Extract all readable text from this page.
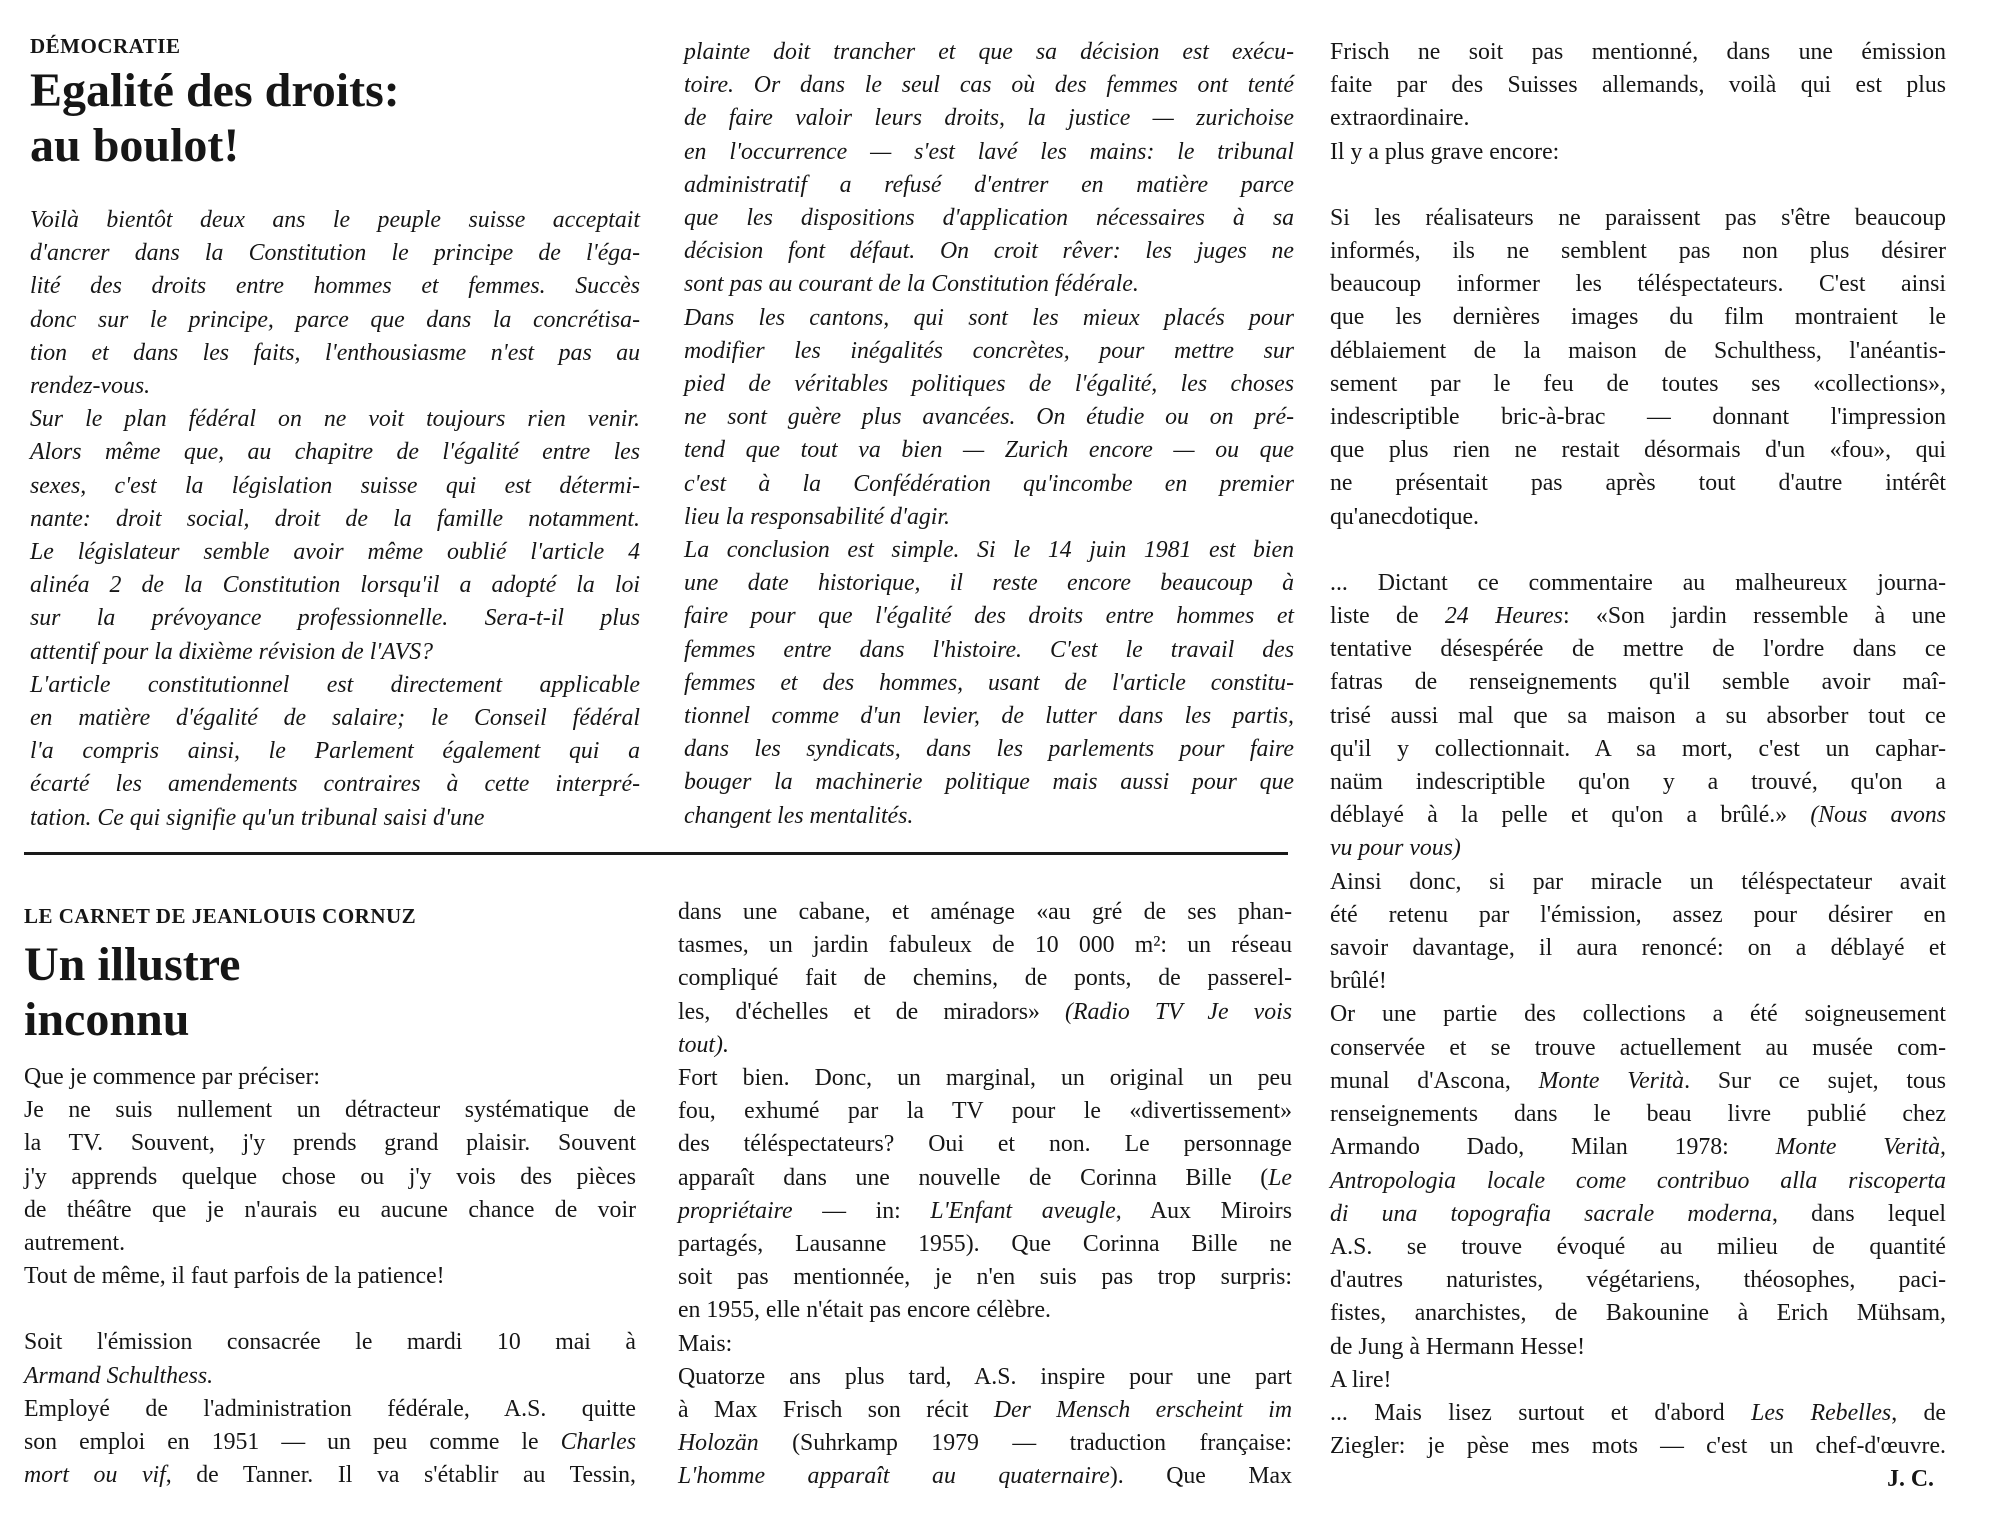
DÉMOCRATIE

Egalité des droits:
au boulot!

Voilà bientôt deux ans le peuple suisse acceptait

d'ancrer dans la Constitution le principe de l'éga-

lité des droits entre hommes et femmes. Succès

donc sur le principe, parce que dans la concrétisa-

tion et dans les faits, l'enthousiasme n'est pas au

rendez-vous.

Sur le plan fédéral on ne voit toujours rien venir.

Alors même que, au chapitre de l'égalité entre les

sexes, c'est la législation suisse qui est détermi-

nante: droit social, droit de la famille notamment.

Le législateur semble avoir même oublié l'article 4

alinéa 2 de la Constitution lorsqu'il a adopté la loi

sur la prévoyance professionnelle. Sera-t-il plus

attentif pour la dixième révision de l'AVS?

L'article constitutionnel est directement applicable

en matière d'égalité de salaire; le Conseil fédéral

l'a compris ainsi, le Parlement également qui a

écarté les amendements contraires à cette interpré-

tation. Ce qui signifie qu'un tribunal saisi d'une

plainte doit trancher et que sa décision est exécu-

toire. Or dans le seul cas où des femmes ont tenté

de faire valoir leurs droits, la justice — zurichoise

en l'occurrence — s'est lavé les mains: le tribunal

administratif a refusé d'entrer en matière parce

que les dispositions d'application nécessaires à sa

décision font défaut. On croit rêver: les juges ne

sont pas au courant de la Constitution fédérale.

Dans les cantons, qui sont les mieux placés pour

modifier les inégalités concrètes, pour mettre sur

pied de véritables politiques de l'égalité, les choses

ne sont guère plus avancées. On étudie ou on pré-

tend que tout va bien — Zurich encore — ou que

c'est à la Confédération qu'incombe en premier

lieu la responsabilité d'agir.

La conclusion est simple. Si le 14 juin 1981 est bien

une date historique, il reste encore beaucoup à

faire pour que l'égalité des droits entre hommes et

femmes entre dans l'histoire. C'est le travail des

femmes et des hommes, usant de l'article constitu-

tionnel comme d'un levier, de lutter dans les partis,

dans les syndicats, dans les parlements pour faire

bouger la machinerie politique mais aussi pour que

changent les mentalités.

LE CARNET DE JEANLOUIS CORNUZ

Un illustre
inconnu

Que je commence par préciser:

Je ne suis nullement un détracteur systématique de

la TV. Souvent, j'y prends grand plaisir. Souvent

j'y apprends quelque chose ou j'y vois des pièces

de théâtre que je n'aurais eu aucune chance de voir

autrement.

Tout de même, il faut parfois de la patience!

Soit l'émission consacrée le mardi 10 mai à

Armand Schulthess.

Employé de l'administration fédérale, A.S. quitte

son emploi en 1951 — un peu comme le Charles

mort ou vif, de Tanner. Il va s'établir au Tessin,

dans une cabane, et aménage «au gré de ses phan-

tasmes, un jardin fabuleux de 10 000 m²: un réseau

compliqué fait de chemins, de ponts, de passerel-

les, d'échelles et de miradors» (Radio TV Je vois

tout).

Fort bien. Donc, un marginal, un original un peu

fou, exhumé par la TV pour le «divertissement»

des téléspectateurs? Oui et non. Le personnage

apparaît dans une nouvelle de Corinna Bille (Le

propriétaire — in: L'Enfant aveugle, Aux Miroirs

partagés, Lausanne 1955). Que Corinna Bille ne

soit pas mentionnée, je n'en suis pas trop surpris:

en 1955, elle n'était pas encore célèbre.

Mais:

Quatorze ans plus tard, A.S. inspire pour une part

à Max Frisch son récit Der Mensch erscheint im

Holozän (Suhrkamp 1979 — traduction française:

L'homme apparaît au quaternaire). Que Max

Frisch ne soit pas mentionné, dans une émission

faite par des Suisses allemands, voilà qui est plus

extraordinaire.

Il y a plus grave encore:

Si les réalisateurs ne paraissent pas s'être beaucoup

informés, ils ne semblent pas non plus désirer

beaucoup informer les téléspectateurs. C'est ainsi

que les dernières images du film montraient le

déblaiement de la maison de Schulthess, l'anéantis-

sement par le feu de toutes ses «collections»,

indescriptible bric-à-brac — donnant l'impression

que plus rien ne restait désormais d'un «fou», qui

ne présentait pas après tout d'autre intérêt

qu'anecdotique.

... Dictant ce commentaire au malheureux journa-

liste de 24 Heures: «Son jardin ressemble à une

tentative désespérée de mettre de l'ordre dans ce

fatras de renseignements qu'il semble avoir maî-

trisé aussi mal que sa maison a su absorber tout ce

qu'il y collectionnait. A sa mort, c'est un caphar-

naüm indescriptible qu'on y a trouvé, qu'on a

déblayé à la pelle et qu'on a brûlé.» (Nous avons

vu pour vous)

Ainsi donc, si par miracle un téléspectateur avait

été retenu par l'émission, assez pour désirer en

savoir davantage, il aura renoncé: on a déblayé et

brûlé!

Or une partie des collections a été soigneusement

conservée et se trouve actuellement au musée com-

munal d'Ascona, Monte Verità. Sur ce sujet, tous

renseignements dans le beau livre publié chez

Armando Dado, Milan 1978: Monte Verità,

Antropologia locale come contribuo alla riscoperta

di una topografia sacrale moderna, dans lequel

A.S. se trouve évoqué au milieu de quantité

d'autres naturistes, végétariens, théosophes, paci-

fistes, anarchistes, de Bakounine à Erich Mühsam,

de Jung à Hermann Hesse!

A lire!

... Mais lisez surtout et d'abord Les Rebelles, de

Ziegler: je pèse mes mots — c'est un chef-d'œuvre.

J. C.
